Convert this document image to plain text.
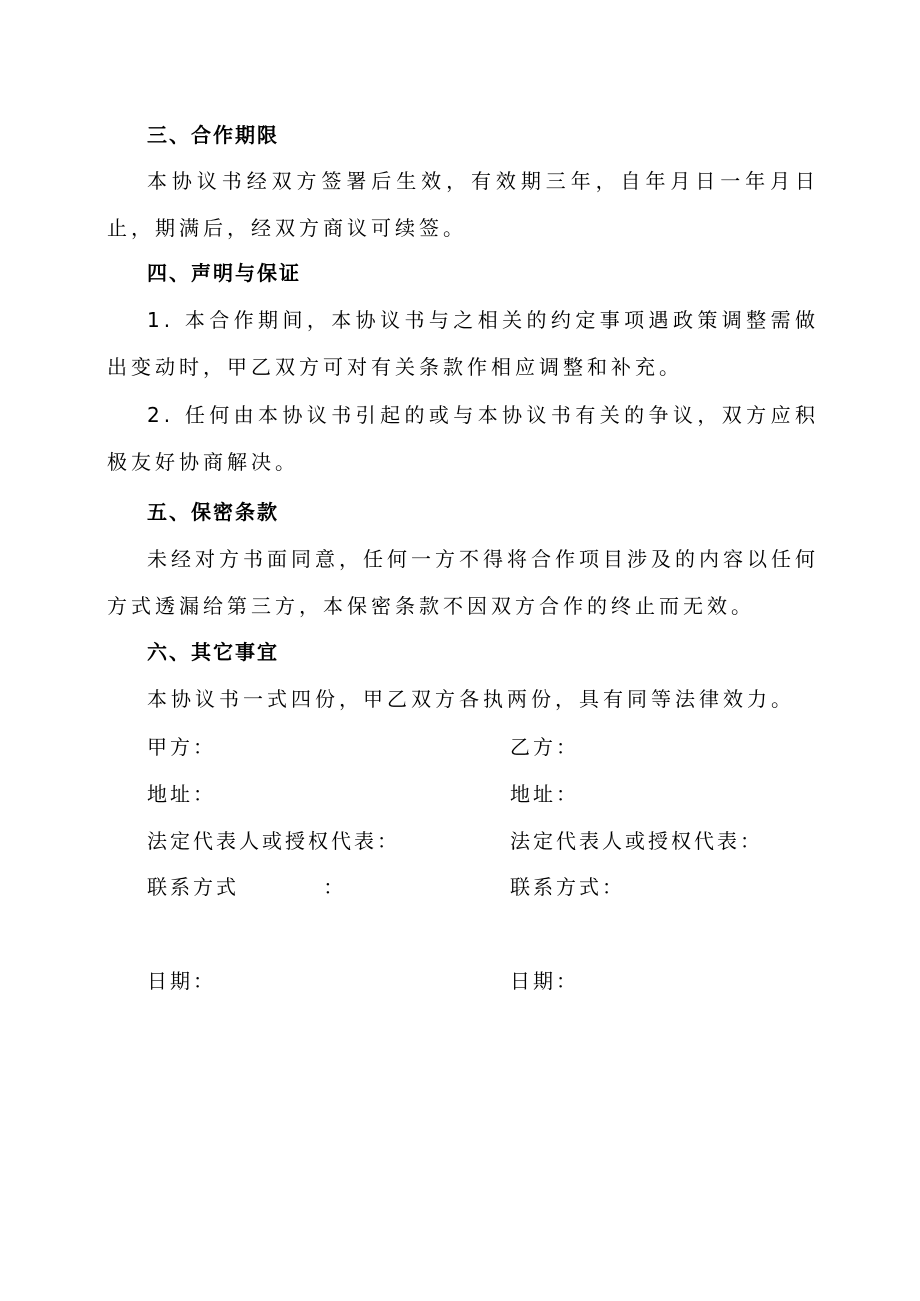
三、合作期限
本协议书经双方签署后生效，有效期三年，自年月日一年月日止，期满后，经双方商议可续签。
四、声明与保证
1. 本合作期间，本协议书与之相关的约定事项遇政策调整需做出变动时，甲乙双方可对有关条款作相应调整和补充。
2. 任何由本协议书引起的或与本协议书有关的争议，双方应积极友好协商解决。
五、保密条款
未经对方书面同意，任何一方不得将合作项目涉及的内容以任何方式透漏给第三方，本保密条款不因双方合作的终止而无效。
六、其它事宜
本协议书一式四份，甲乙双方各执两份，具有同等法律效力。
甲方：
地址：
法定代表人或授权代表：
联系方式         ：
日期：
乙方：
地址：
法定代表人或授权代表：
联系方式：
日期：
